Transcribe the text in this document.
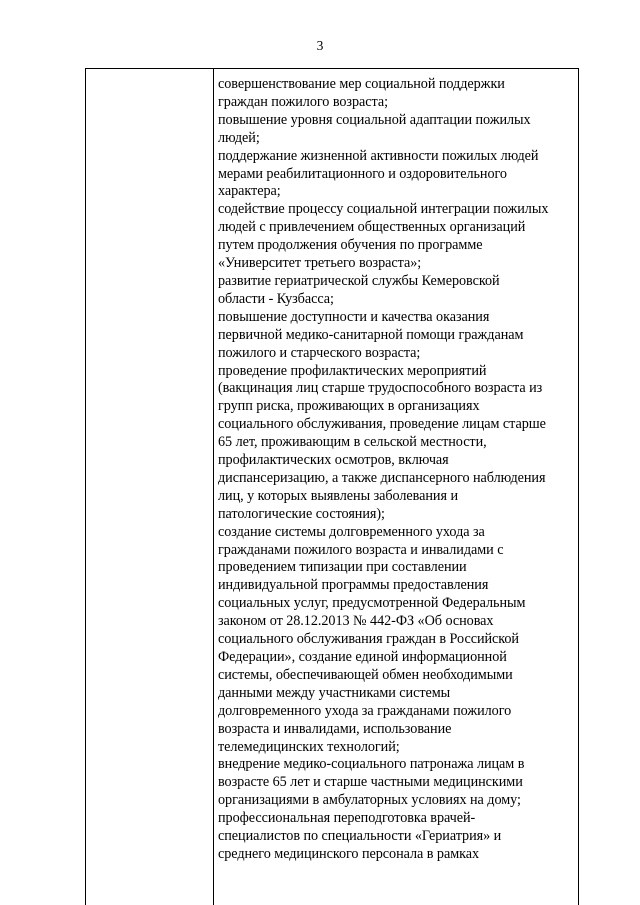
3
совершенствование мер социальной поддержки
граждан пожилого возраста;
повышение уровня социальной адаптации пожилых
людей;
поддержание жизненной активности пожилых людей
мерами реабилитационного и оздоровительного
характера;
содействие процессу социальной интеграции пожилых
людей с привлечением общественных организаций
путем продолжения обучения по программе
«Университет третьего возраста»;
развитие гериатрической службы Кемеровской
области - Кузбасса;
повышение доступности и качества оказания
первичной медико-санитарной помощи гражданам
пожилого и старческого возраста;
проведение профилактических мероприятий
(вакцинация лиц старше трудоспособного возраста из
групп риска, проживающих в организациях
социального обслуживания, проведение лицам старше
65 лет, проживающим в сельской местности,
профилактических осмотров, включая
диспансеризацию, а также диспансерного наблюдения
лиц, у которых выявлены заболевания и
патологические состояния);
создание системы долговременного ухода за
гражданами пожилого возраста и инвалидами с
проведением типизации при составлении
индивидуальной программы предоставления
социальных услуг, предусмотренной Федеральным
законом от 28.12.2013 № 442-ФЗ «Об основах
социального обслуживания граждан в Российской
Федерации», создание единой информационной
системы, обеспечивающей обмен необходимыми
данными между участниками системы
долговременного ухода за гражданами пожилого
возраста и инвалидами, использование
телемедицинских технологий;
внедрение медико-социального патронажа лицам в
возрасте 65 лет и старше частными медицинскими
организациями в амбулаторных условиях на дому;
профессиональная переподготовка врачей-
специалистов по специальности «Гериатрия» и
среднего медицинского персонала в рамках
